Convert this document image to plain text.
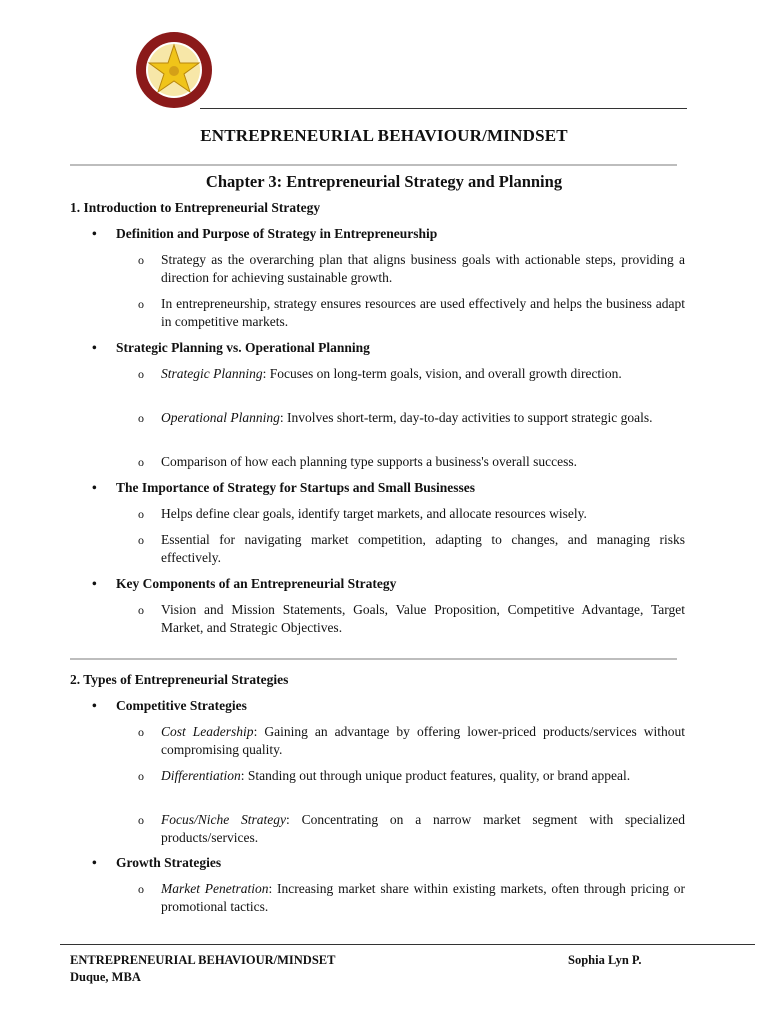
ENTREPRENEURIAL BEHAVIOUR/MINDSET
Chapter 3: Entrepreneurial Strategy and Planning
1. Introduction to Entrepreneurial Strategy
• Definition and Purpose of Strategy in Entrepreneurship
o Strategy as the overarching plan that aligns business goals with actionable steps, providing a direction for achieving sustainable growth.
o In entrepreneurship, strategy ensures resources are used effectively and helps the business adapt in competitive markets.
• Strategic Planning vs. Operational Planning
o Strategic Planning: Focuses on long-term goals, vision, and overall growth direction.
o Operational Planning: Involves short-term, day-to-day activities to support strategic goals.
o Comparison of how each planning type supports a business's overall success.
• The Importance of Strategy for Startups and Small Businesses
o Helps define clear goals, identify target markets, and allocate resources wisely.
o Essential for navigating market competition, adapting to changes, and managing risks effectively.
• Key Components of an Entrepreneurial Strategy
o Vision and Mission Statements, Goals, Value Proposition, Competitive Advantage, Target Market, and Strategic Objectives.
2. Types of Entrepreneurial Strategies
• Competitive Strategies
o Cost Leadership: Gaining an advantage by offering lower-priced products/services without compromising quality.
o Differentiation: Standing out through unique product features, quality, or brand appeal.
o Focus/Niche Strategy: Concentrating on a narrow market segment with specialized products/services.
• Growth Strategies
o Market Penetration: Increasing market share within existing markets, often through pricing or promotional tactics.
ENTREPRENEURIAL BEHAVIOUR/MINDSET	Sophia Lyn P.
Duque, MBA
